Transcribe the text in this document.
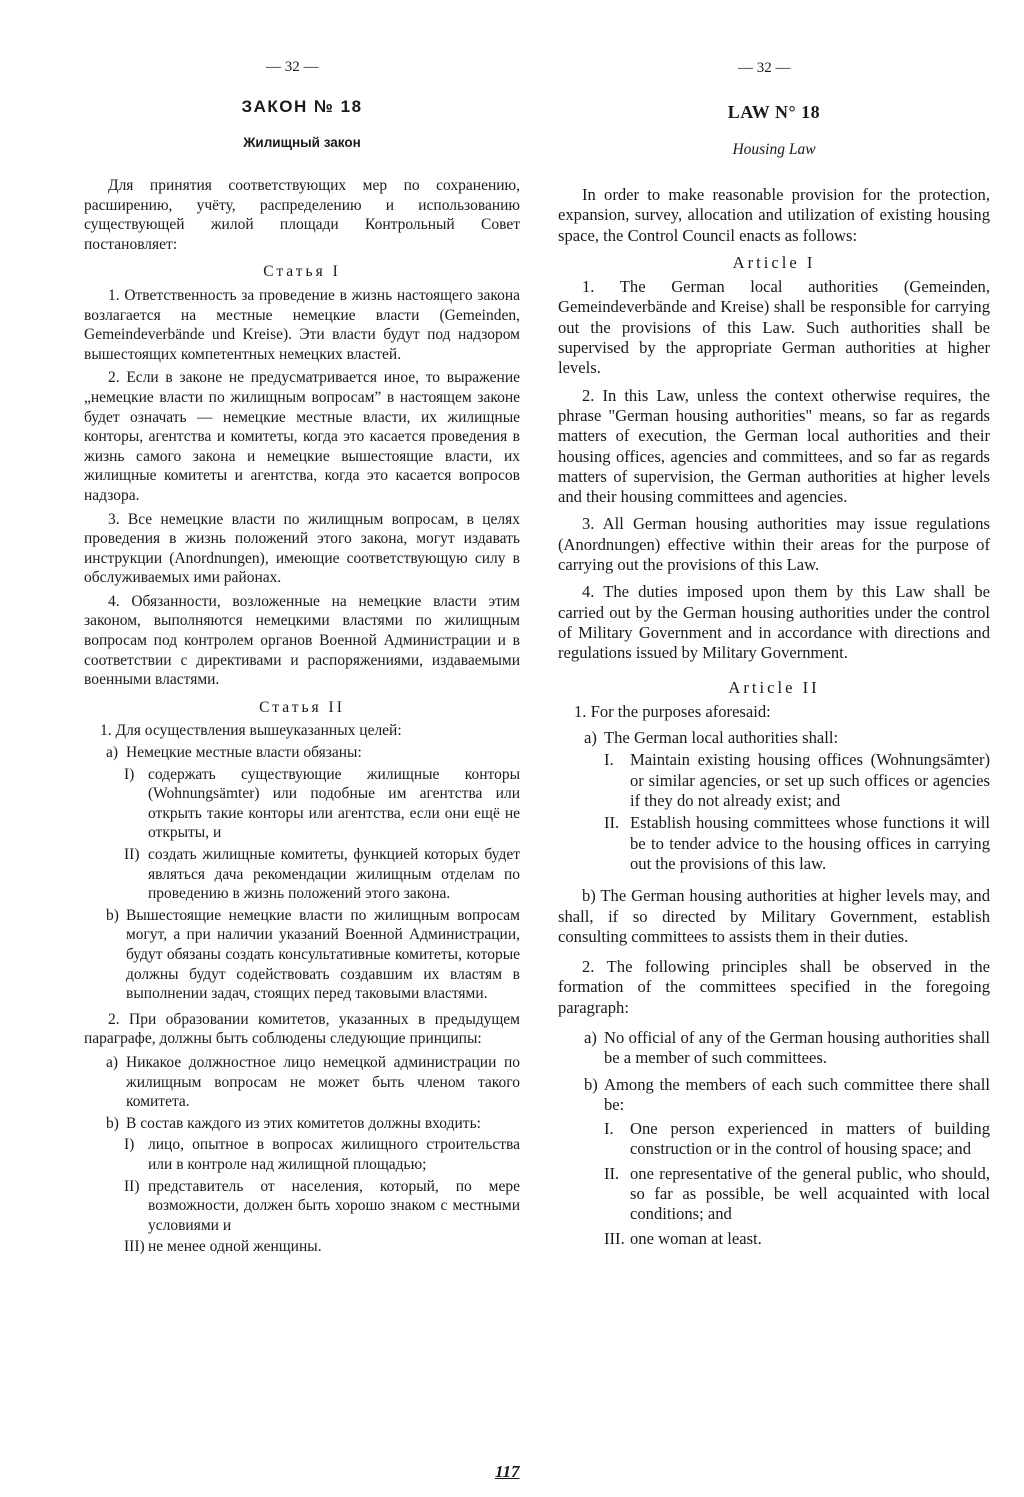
— 32 —
ЗАКОН № 18
Жилищный закон

Для принятия соответствующих мер по сохранению, расширению, учёту, распределению и использованию существующей жилой площади Контрольный Совет постановляет:

Статья I

1. Ответственность за проведение в жизнь настоящего закона возлагается на местные немецкие власти (Gemeinden, Gemeindeverbände und Kreise). Эти власти будут под надзором вышестоящих компетентных немецких властей.

2. Если в законе не предусматривается иное, то выражение „немецкие власти по жилищным вопросам” в настоящем законе будет означать — немецкие местные власти, их жилищные конторы, агентства и комитеты, когда это касается проведения в жизнь самого закона и немецкие вышестоящие власти, их жилищные комитеты и агентства, когда это касается вопросов надзора.

3. Все немецкие власти по жилищным вопросам, в целях проведения в жизнь положений этого закона, могут издавать инструкции (Anordnungen), имеющие соответствующую силу в обслуживаемых ими районах.

4. Обязанности, возложенные на немецкие власти этим законом, выполняются немецкими властями по жилищным вопросам под контролем органов Военной Администрации и в соответствии с директивами и распоряжениями, издаваемыми военными властями.

Статья II
1. Для осуществления вышеуказанных целей:
a) Немецкие местные власти обязаны:
I) содержать существующие жилищные конторы (Wohnungsämter) или подобные им агентства или открыть такие конторы или агентства, если они ещё не открыты, и
II) создать жилищные комитеты, функцией которых будет являться дача рекомендации жилищным отделам по проведению в жизнь положений этого закона.
b) Вышестоящие немецкие власти по жилищным вопросам могут, а при наличии указаний Военной Администрации, будут обязаны создать консультативные комитеты, которые должны будут содействовать создавшим их властям в выполнении задач, стоящих перед таковыми властями.

2. При образовании комитетов, указанных в предыдущем параграфе, должны быть соблюдены следующие принципы:

a) Никакое должностное лицо немецкой администрации по жилищным вопросам не может быть членом такого комитета.
b) В состав каждого из этих комитетов должны входить:
I) лицо, опытное в вопросах жилищного строительства или в контроле над жилищной площадью;
II) представитель от населения, который, по мере возможности, должен быть хорошо знаком с местными условиями и
III) не менее одной женщины.
— 32 —
LAW N° 18
Housing Law

In order to make reasonable provision for the protection, expansion, survey, allocation and utilization of existing housing space, the Control Council enacts as follows:

Article I

1. The German local authorities (Gemeinden, Gemeindeverbände and Kreise) shall be responsible for carrying out the provisions of this Law. Such authorities shall be supervised by the appropriate German authorities at higher levels.

2. In this Law, unless the context otherwise requires, the phrase "German housing authorities" means, so far as regards matters of execution, the German local authorities and their housing offices, agencies and committees, and so far as regards matters of supervision, the German authorities at higher levels and their housing committees and agencies.

3. All German housing authorities may issue regulations (Anordnungen) effective within their areas for the purpose of carrying out the provisions of this Law.

4. The duties imposed upon them by this Law shall be carried out by the German housing authorities under the control of Military Government and in accordance with directions and regulations issued by Military Government.

Article II
1. For the purposes aforesaid:
a) The German local authorities shall:
I. Maintain existing housing offices (Wohnungsämter) or similar agencies, or set up such offices or agencies if they do not already exist; and
II. Establish housing committees whose functions it will be to tender advice to the housing offices in carrying out the provisions of this law.

b) The German housing authorities at higher levels may, and shall, if so directed by Military Government, establish consulting committees to assists them in their duties.

2. The following principles shall be observed in the formation of the committees specified in the foregoing paragraph:

a) No official of any of the German housing authorities shall be a member of such committees.
b) Among the members of each such committee there shall be:
I. One person experienced in matters of building construction or in the control of housing space; and
II. one representative of the general public, who should, so far as possible, be well acquainted with local conditions; and
III. one woman at least.
117
